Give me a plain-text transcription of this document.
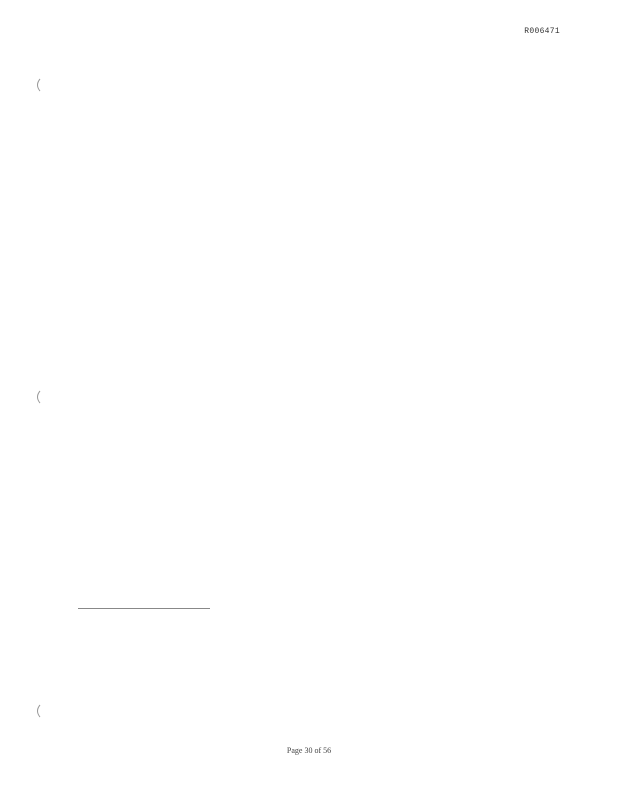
R006471

Page 30 of 56
